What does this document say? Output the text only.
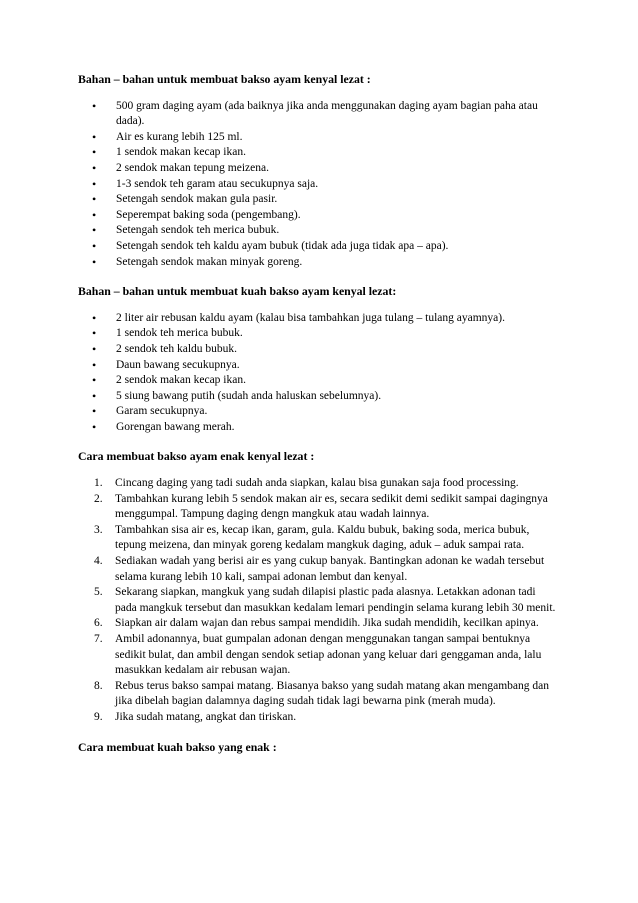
Bahan – bahan untuk membuat bakso ayam kenyal lezat :
• 500 gram daging ayam (ada baiknya jika anda menggunakan daging ayam bagian paha atau dada).
• Air es kurang lebih 125 ml.
• 1 sendok makan kecap ikan.
• 2 sendok makan tepung meizena.
• 1-3 sendok teh garam atau secukupnya saja.
• Setengah sendok makan gula pasir.
• Seperempat baking soda (pengembang).
• Setengah sendok teh merica bubuk.
• Setengah sendok teh kaldu ayam bubuk (tidak ada juga tidak apa – apa).
• Setengah sendok makan minyak goreng.
Bahan – bahan untuk membuat kuah bakso ayam kenyal lezat:
• 2 liter air rebusan kaldu ayam (kalau bisa tambahkan juga tulang – tulang ayamnya).
• 1 sendok teh merica bubuk.
• 2 sendok teh kaldu bubuk.
• Daun bawang secukupnya.
• 2 sendok makan kecap ikan.
• 5 siung bawang putih (sudah anda haluskan sebelumnya).
• Garam secukupnya.
• Gorengan bawang merah.
Cara membuat bakso ayam enak kenyal lezat :
1. Cincang daging yang tadi sudah anda siapkan, kalau bisa gunakan saja food processing.
2. Tambahkan kurang lebih 5 sendok makan air es, secara sedikit demi sedikit sampai dagingnya menggumpal. Tampung daging dengn mangkuk atau wadah lainnya.
3. Tambahkan sisa air es, kecap ikan, garam, gula. Kaldu bubuk, baking soda, merica bubuk, tepung meizena, dan minyak goreng kedalam mangkuk daging, aduk – aduk sampai rata.
4. Sediakan wadah yang berisi air es yang cukup banyak. Bantingkan adonan ke wadah tersebut selama kurang lebih 10 kali, sampai adonan lembut dan kenyal.
5. Sekarang siapkan, mangkuk yang sudah dilapisi plastic pada alasnya. Letakkan adonan tadi pada mangkuk tersebut dan masukkan kedalam lemari pendingin selama kurang lebih 30 menit.
6. Siapkan air dalam wajan dan rebus sampai mendidih. Jika sudah mendidih, kecilkan apinya.
7. Ambil adonannya, buat gumpalan adonan dengan menggunakan tangan sampai bentuknya sedikit bulat, dan ambil dengan sendok setiap adonan yang keluar dari genggaman anda, lalu masukkan kedalam air rebusan wajan.
8. Rebus terus bakso sampai matang. Biasanya bakso yang sudah matang akan mengambang dan jika dibelah bagian dalamnya daging sudah tidak lagi bewarna pink (merah muda).
9. Jika sudah matang, angkat dan tiriskan.
Cara membuat kuah bakso yang enak :
